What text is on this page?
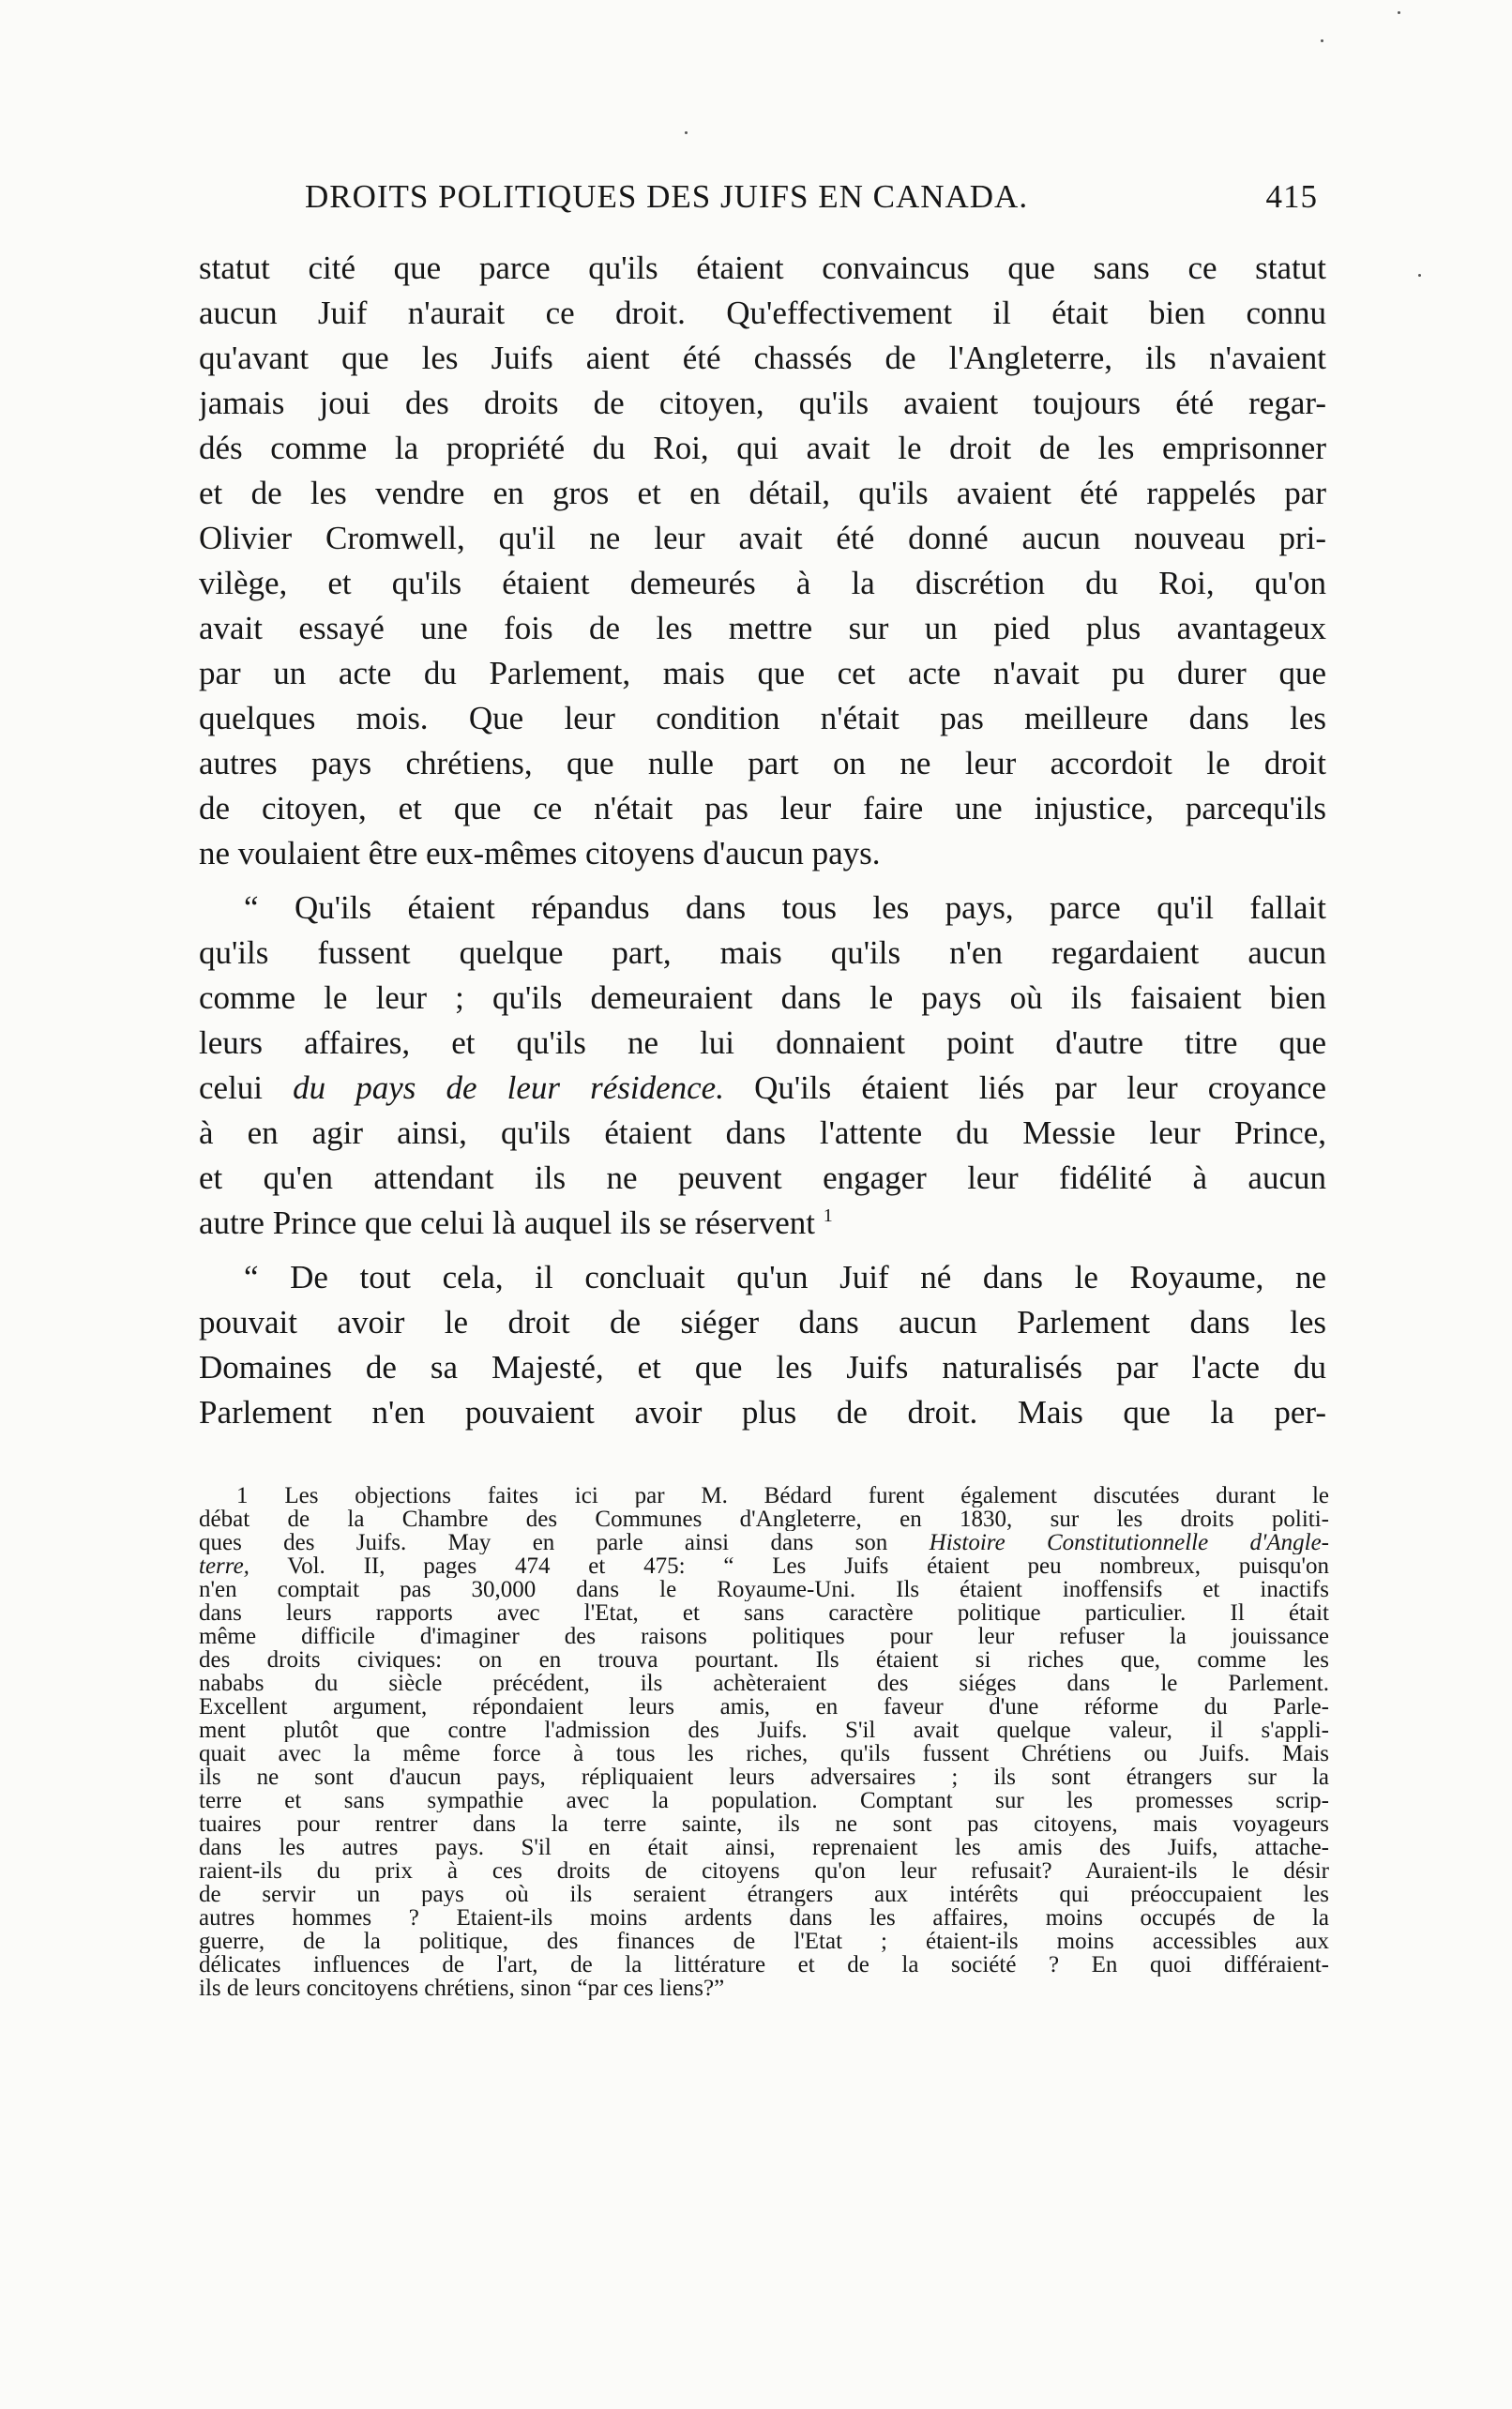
DROITS POLITIQUES DES JUIFS EN CANADA.	415
statut cité que parce qu'ils étaient convaincus que sans ce statut
aucun Juif n'aurait ce droit. Qu'effectivement il était bien connu
qu'avant que les Juifs aient été chassés de l'Angleterre, ils n'avaient
jamais joui des droits de citoyen, qu'ils avaient toujours été regar-
dés comme la propriété du Roi, qui avait le droit de les emprisonner
et de les vendre en gros et en détail, qu'ils avaient été rappelés par
Olivier Cromwell, qu'il ne leur avait été donné aucun nouveau pri-
vilège, et qu'ils étaient demeurés à la discrétion du Roi, qu'on
avait essayé une fois de les mettre sur un pied plus avantageux
par un acte du Parlement, mais que cet acte n'avait pu durer que
quelques mois. Que leur condition n'était pas meilleure dans les
autres pays chrétiens, que nulle part on ne leur accordoit le droit
de citoyen, et que ce n'était pas leur faire une injustice, parcequ'ils
ne voulaient être eux-mêmes citoyens d'aucun pays.
“ Qu'ils étaient répandus dans tous les pays, parce qu'il fallait
qu'ils fussent quelque part, mais qu'ils n'en regardaient aucun
comme le leur ; qu'ils demeuraient dans le pays où ils faisaient bien
leurs affaires, et qu'ils ne lui donnaient point d'autre titre que
celui du pays de leur résidence. Qu'ils étaient liés par leur croyance
à en agir ainsi, qu'ils étaient dans l'attente du Messie leur Prince,
et qu'en attendant ils ne peuvent engager leur fidélité à aucun
autre Prince que celui là auquel ils se réservent $^1$
“ De tout cela, il concluait qu'un Juif né dans le Royaume, ne
pouvait avoir le droit de siéger dans aucun Parlement dans les
Domaines de sa Majesté, et que les Juifs naturalisés par l'acte du
Parlement n'en pouvaient avoir plus de droit. Mais que la per-
1 Les objections faites ici par M. Bédard furent également discutées durant le
débat de la Chambre des Communes d'Angleterre, en 1830, sur les droits politi-
ques des Juifs. May en parle ainsi dans son Histoire Constitutionnelle d'Angle-
terre, Vol. II, pages 474 et 475: “ Les Juifs étaient peu nombreux, puisqu'on
n'en comptait pas 30,000 dans le Royaume-Uni. Ils étaient inoffensifs et inactifs
dans leurs rapports avec l'Etat, et sans caractère politique particulier. Il était
même difficile d'imaginer des raisons politiques pour leur refuser la jouissance
des droits civiques: on en trouva pourtant. Ils étaient si riches que, comme les
nababs du siècle précédent, ils achèteraient des siéges dans le Parlement.
Excellent argument, répondaient leurs amis, en faveur d'une réforme du Parle-
ment plutôt que contre l'admission des Juifs. S'il avait quelque valeur, il s'appli-
quait avec la même force à tous les riches, qu'ils fussent Chrétiens ou Juifs. Mais
ils ne sont d'aucun pays, répliquaient leurs adversaires ; ils sont étrangers sur la
terre et sans sympathie avec la population. Comptant sur les promesses scrip-
tuaires pour rentrer dans la terre sainte, ils ne sont pas citoyens, mais voyageurs
dans les autres pays. S'il en était ainsi, reprenaient les amis des Juifs, attache-
raient-ils du prix à ces droits de citoyens qu'on leur refusait? Auraient-ils le désir
de servir un pays où ils seraient étrangers aux intérêts qui préoccupaient les
autres hommes ? Etaient-ils moins ardents dans les affaires, moins occupés de la
guerre, de la politique, des finances de l'Etat ; étaient-ils moins accessibles aux
délicates influences de l'art, de la littérature et de la société ? En quoi différaient-
ils de leurs concitoyens chrétiens, sinon “par ces liens?”
